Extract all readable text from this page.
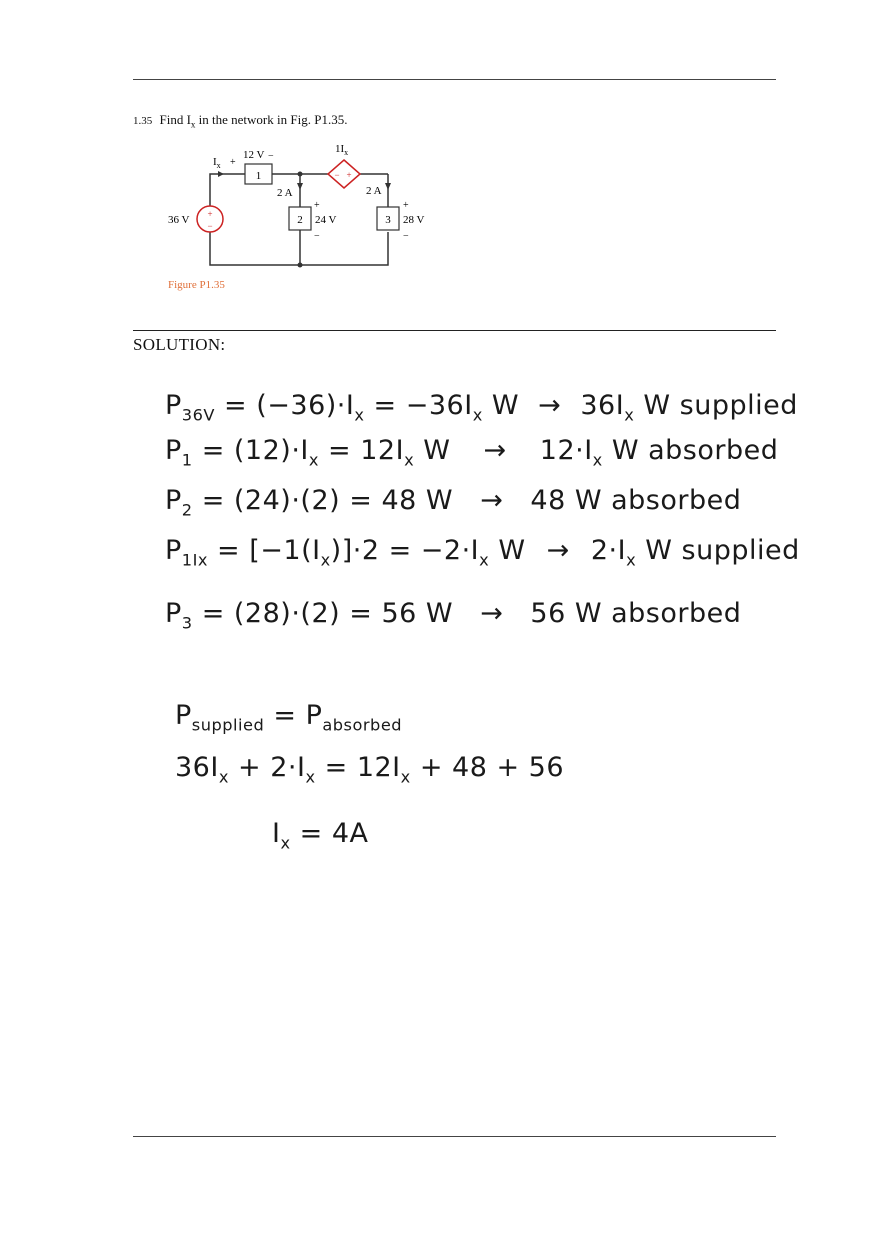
1.35 Find $I_x$ in the network in Fig. P1.35.
1
2	3
+
−
36 V
− +
$1I_x$
$I_x$ +
12 V −
2 A
+
24 V
−
2 A
+
28 V
−
Figure P1.35
SOLUTION:
$P_{36V} = (-36)\cdot I_x = -36I_x$ $W \to 36I_x$ W supplied
$P_1 = (12)\cdot I_x = 12I_x$ $W \to 12\cdot I_x$ W absorbed
$P_2 = (24)\cdot(2) = 48$ W → 48 W absorbed
$P_{1Ix} = [-1(I_x)]\cdot 2 = -2\cdot I_x$ $W \to 2\cdot I_x$ W supplied
$P_3 = (28)\cdot(2) = 56$ W → 56 W absorbed
$P_{supplied} = P_{absorbed}$
$36I_x + 2\cdot I_x = 12I_x + 48 + 56$
$I_x = 4A$
